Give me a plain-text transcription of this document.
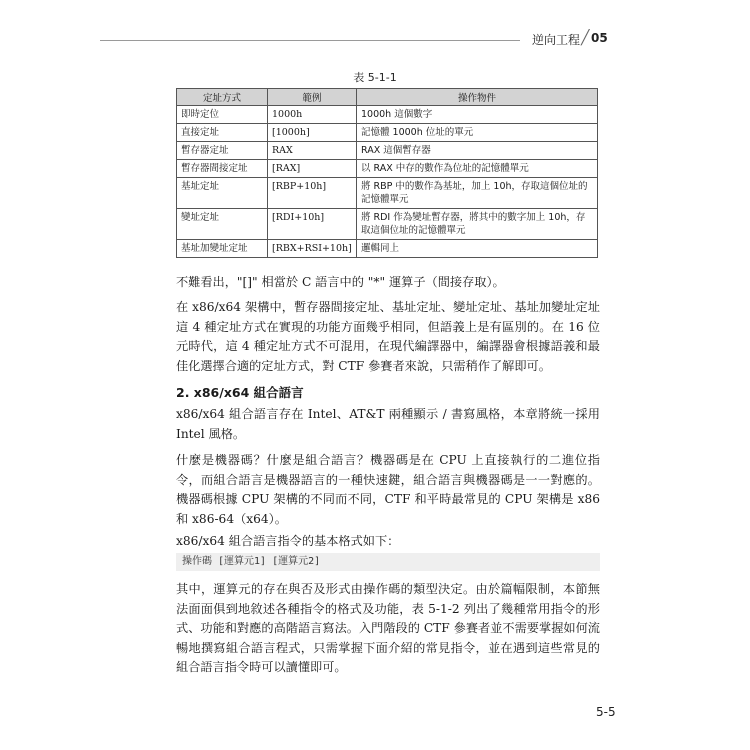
逆向工程 ╱ 05
表 5-1-1
定址方式	範例	操作物件
即時定位	1000h	1000h 這個數字
直接定址	[1000h]	記憶體 1000h 位址的單元
暫存器定址	RAX	RAX 這個暫存器
暫存器間接定址	[RAX]	以 RAX 中存的數作為位址的記憶體單元
基址定址	[RBP+10h]	將 RBP 中的數作為基址，加上 10h，存取這個位址的記憶體單元
變址定址	[RDI+10h]	將 RDI 作為變址暫存器，將其中的數字加上 10h，存取這個位址的記憶體單元
基址加變址定址	[RBX+RSI+10h]	邏輯同上
不難看出，"[]" 相當於 C 語言中的 "*" 運算子（間接存取）。
在 x86/x64 架構中，暫存器間接定址、基址定址、變址定址、基址加變址定址這 4 種定址方式在實現的功能方面幾乎相同，但語義上是有區別的。在 16 位元時代，這 4 種定址方式不可混用，在現代編譯器中，編譯器會根據語義和最佳化選擇合適的定址方式，對 CTF 參賽者來說，只需稍作了解即可。
2. x86/x64 組合語言
x86/x64 組合語言存在 Intel、AT&T 兩種顯示 / 書寫風格，本章將統一採用 Intel 風格。
什麼是機器碼？什麼是組合語言？機器碼是在 CPU 上直接執行的二進位指令，而組合語言是機器語言的一種快速鍵，組合語言與機器碼是一一對應的。機器碼根據 CPU 架構的不同而不同，CTF 和平時最常見的 CPU 架構是 x86 和 x86-64（x64）。
x86/x64 組合語言指令的基本格式如下：
操作碼 [運算元1] [運算元2]
其中，運算元的存在與否及形式由操作碼的類型決定。由於篇幅限制，本節無法面面俱到地敘述各種指令的格式及功能，表 5-1-2 列出了幾種常用指令的形式、功能和對應的高階語言寫法。入門階段的 CTF 參賽者並不需要掌握如何流暢地撰寫組合語言程式，只需掌握下面介紹的常見指令，並在遇到這些常見的組合語言指令時可以讀懂即可。
5-5
